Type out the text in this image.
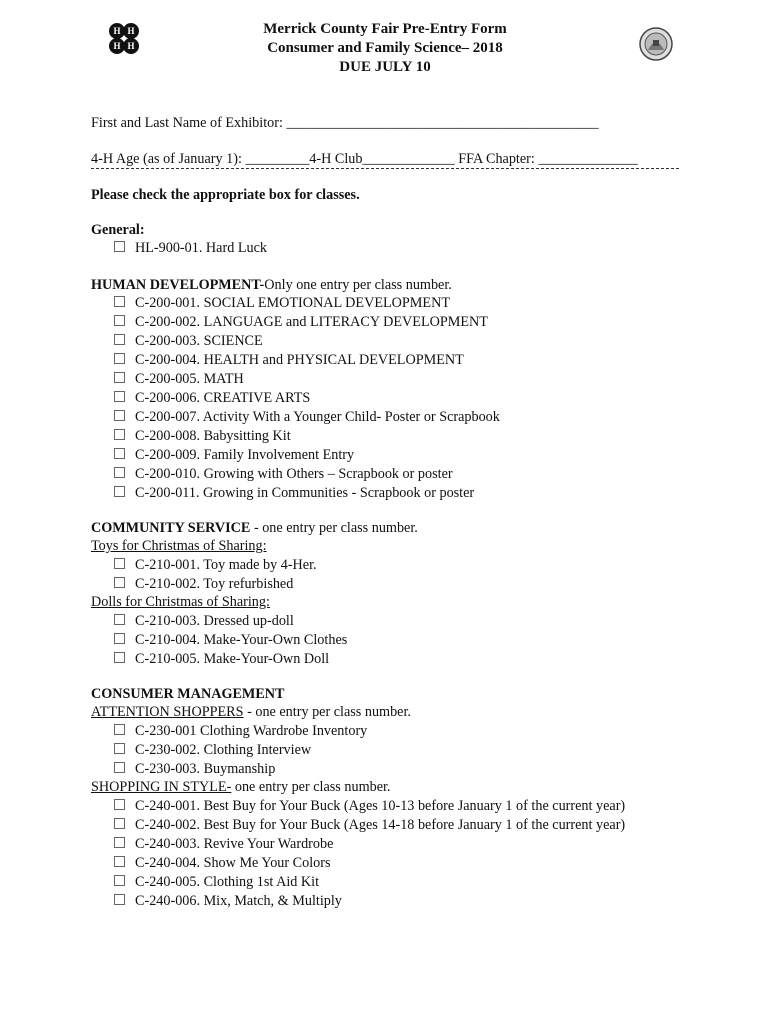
H H
H H
Merrick County Fair Pre-Entry Form
Consumer and Family Science– 2018
DUE JULY 10
First and Last Name of Exhibitor: ____________________________________________
4-H Age (as of January 1): _________4-H Club_____________ FFA Chapter: ______________
Please check the appropriate box for classes.
General:
HL-900-01. Hard Luck
HUMAN DEVELOPMENT-Only one entry per class number.
C-200-001. SOCIAL EMOTIONAL DEVELOPMENT
C-200-002. LANGUAGE and LITERACY DEVELOPMENT
C-200-003. SCIENCE
C-200-004. HEALTH and PHYSICAL DEVELOPMENT
C-200-005. MATH
C-200-006. CREATIVE ARTS
C-200-007. Activity With a Younger Child- Poster or Scrapbook
C-200-008. Babysitting Kit
C-200-009. Family Involvement Entry
C-200-010. Growing with Others – Scrapbook or poster
C-200-011. Growing in Communities - Scrapbook or poster
COMMUNITY SERVICE - one entry per class number.
Toys for Christmas of Sharing:
C-210-001. Toy made by 4-Her.
C-210-002. Toy refurbished
Dolls for Christmas of Sharing:
C-210-003. Dressed up-doll
C-210-004. Make-Your-Own Clothes
C-210-005. Make-Your-Own Doll
CONSUMER MANAGEMENT
ATTENTION SHOPPERS - one entry per class number.
C-230-001 Clothing Wardrobe Inventory
C-230-002. Clothing Interview
C-230-003. Buymanship
SHOPPING IN STYLE- one entry per class number.
C-240-001. Best Buy for Your Buck (Ages 10-13 before January 1 of the current year)
C-240-002. Best Buy for Your Buck (Ages 14-18 before January 1 of the current year)
C-240-003. Revive Your Wardrobe
C-240-004. Show Me Your Colors
C-240-005. Clothing 1st Aid Kit
C-240-006. Mix, Match, & Multiply
